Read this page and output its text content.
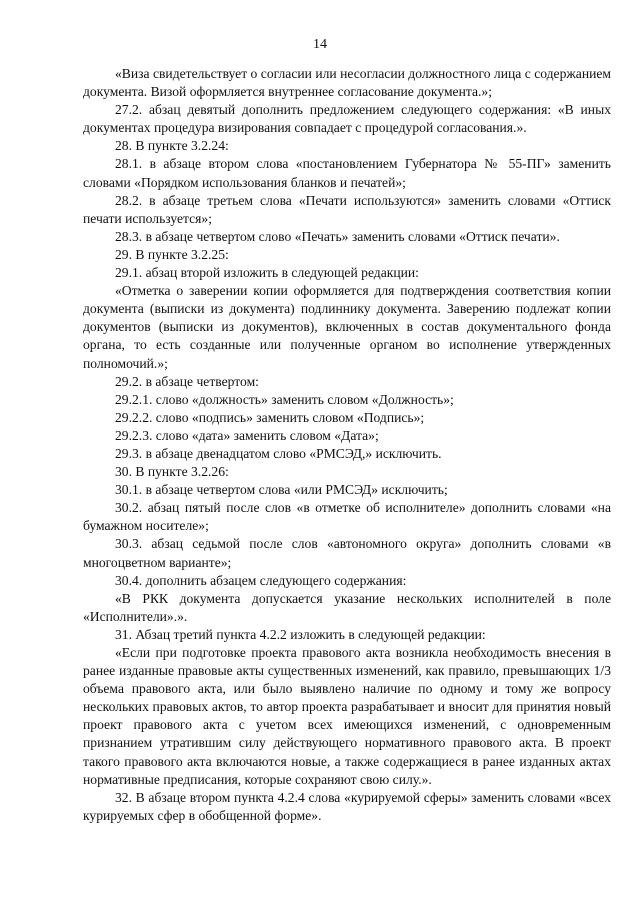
14

«Виза свидетельствует о согласии или несогласии должностного лица с содержанием документа. Визой оформляется внутреннее согласование документа.»;

27.2. абзац девятый дополнить предложением следующего содержания: «В иных документах процедура визирования совпадает с процедурой согласования.».

28. В пункте 3.2.24:

28.1. в абзаце втором слова «постановлением Губернатора № 55-ПГ» заменить словами «Порядком использования бланков и печатей»;

28.2. в абзаце третьем слова «Печати используются» заменить словами «Оттиск печати используется»;

28.3. в абзаце четвертом слово «Печать» заменить словами «Оттиск печати».

29. В пункте 3.2.25:

29.1. абзац второй изложить в следующей редакции:

«Отметка о заверении копии оформляется для подтверждения соответствия копии документа (выписки из документа) подлиннику документа. Заверению подлежат копии документов (выписки из документов), включенных в состав документального фонда органа, то есть созданные или полученные органом во исполнение утвержденных полномочий.»;

29.2. в абзаце четвертом:

29.2.1. слово «должность» заменить словом «Должность»;

29.2.2. слово «подпись» заменить словом «Подпись»;

29.2.3. слово «дата» заменить словом «Дата»;

29.3. в абзаце двенадцатом слово «РМСЭД,» исключить.

30. В пункте 3.2.26:

30.1. в абзаце четвертом слова «или РМСЭД» исключить;

30.2. абзац пятый после слов «в отметке об исполнителе» дополнить словами «на бумажном носителе»;

30.3. абзац седьмой после слов «автономного округа» дополнить словами «в многоцветном варианте»;

30.4. дополнить абзацем следующего содержания:

«В РКК документа допускается указание нескольких исполнителей в поле «Исполнители».».

31. Абзац третий пункта 4.2.2 изложить в следующей редакции:

«Если при подготовке проекта правового акта возникла необходимость внесения в ранее изданные правовые акты существенных изменений, как правило, превышающих 1/3 объема правового акта, или было выявлено наличие по одному и тому же вопросу нескольких правовых актов, то автор проекта разрабатывает и вносит для принятия новый проект правового акта с учетом всех имеющихся изменений, с одновременным признанием утратившим силу действующего нормативного правового акта. В проект такого правового акта включаются новые, а также содержащиеся в ранее изданных актах нормативные предписания, которые сохраняют свою силу.».

32. В абзаце втором пункта 4.2.4 слова «курируемой сферы» заменить словами «всех курируемых сфер в обобщенной форме».
